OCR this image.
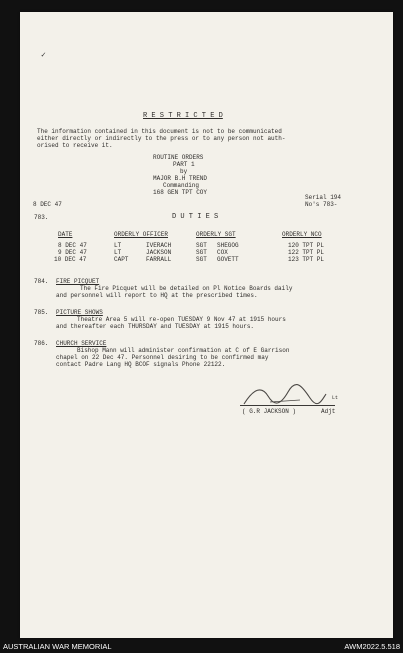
✓
R E S T R I C T E D
The information contained in this document is not to be communicated
either directly or indirectly to the press or to any person not auth-
orised to receive it.
ROUTINE ORDERS
PART 1
by
MAJOR B.H TREND
Commanding
168 GEN TPT COY
8 DEC 47
Serial 194
No's 783-
783.	D U T I E S
DATE	ORDERLY OFFICER	ORDERLY SGT	ORDERLY NCO
8 DEC 47	LT	IVERACH	SGT SHEGOG	120 TPT PL
9 DEC 47	LT	JACKSON	SGT COX	122 TPT PL
10 DEC 47	CAPT	FARRALL	SGT GOVETT	123 TPT PL
784. FIRE PICQUET
The Fire Picquet will be detailed on Pl Notice Boards daily
and personnel will report to HQ at the prescribed times.
785. PICTURE SHOWS
Theatre Area 5 will re-open TUESDAY 9 Nov 47 at 1915 hours
and thereafter each THURSDAY and TUESDAY at 1915 hours.
786. CHURCH SERVICE
Bishop Mann will administer confirmation at C of E Garrison
chapel on 22 Dec 47. Personnel desiring to be confirmed may
contact Padre Lang HQ BCOF signals Phone 22122.
Lt
( G.R JACKSON )	Adjt
AUSTRALIAN WAR MEMORIAL	AWM2022.5.518
